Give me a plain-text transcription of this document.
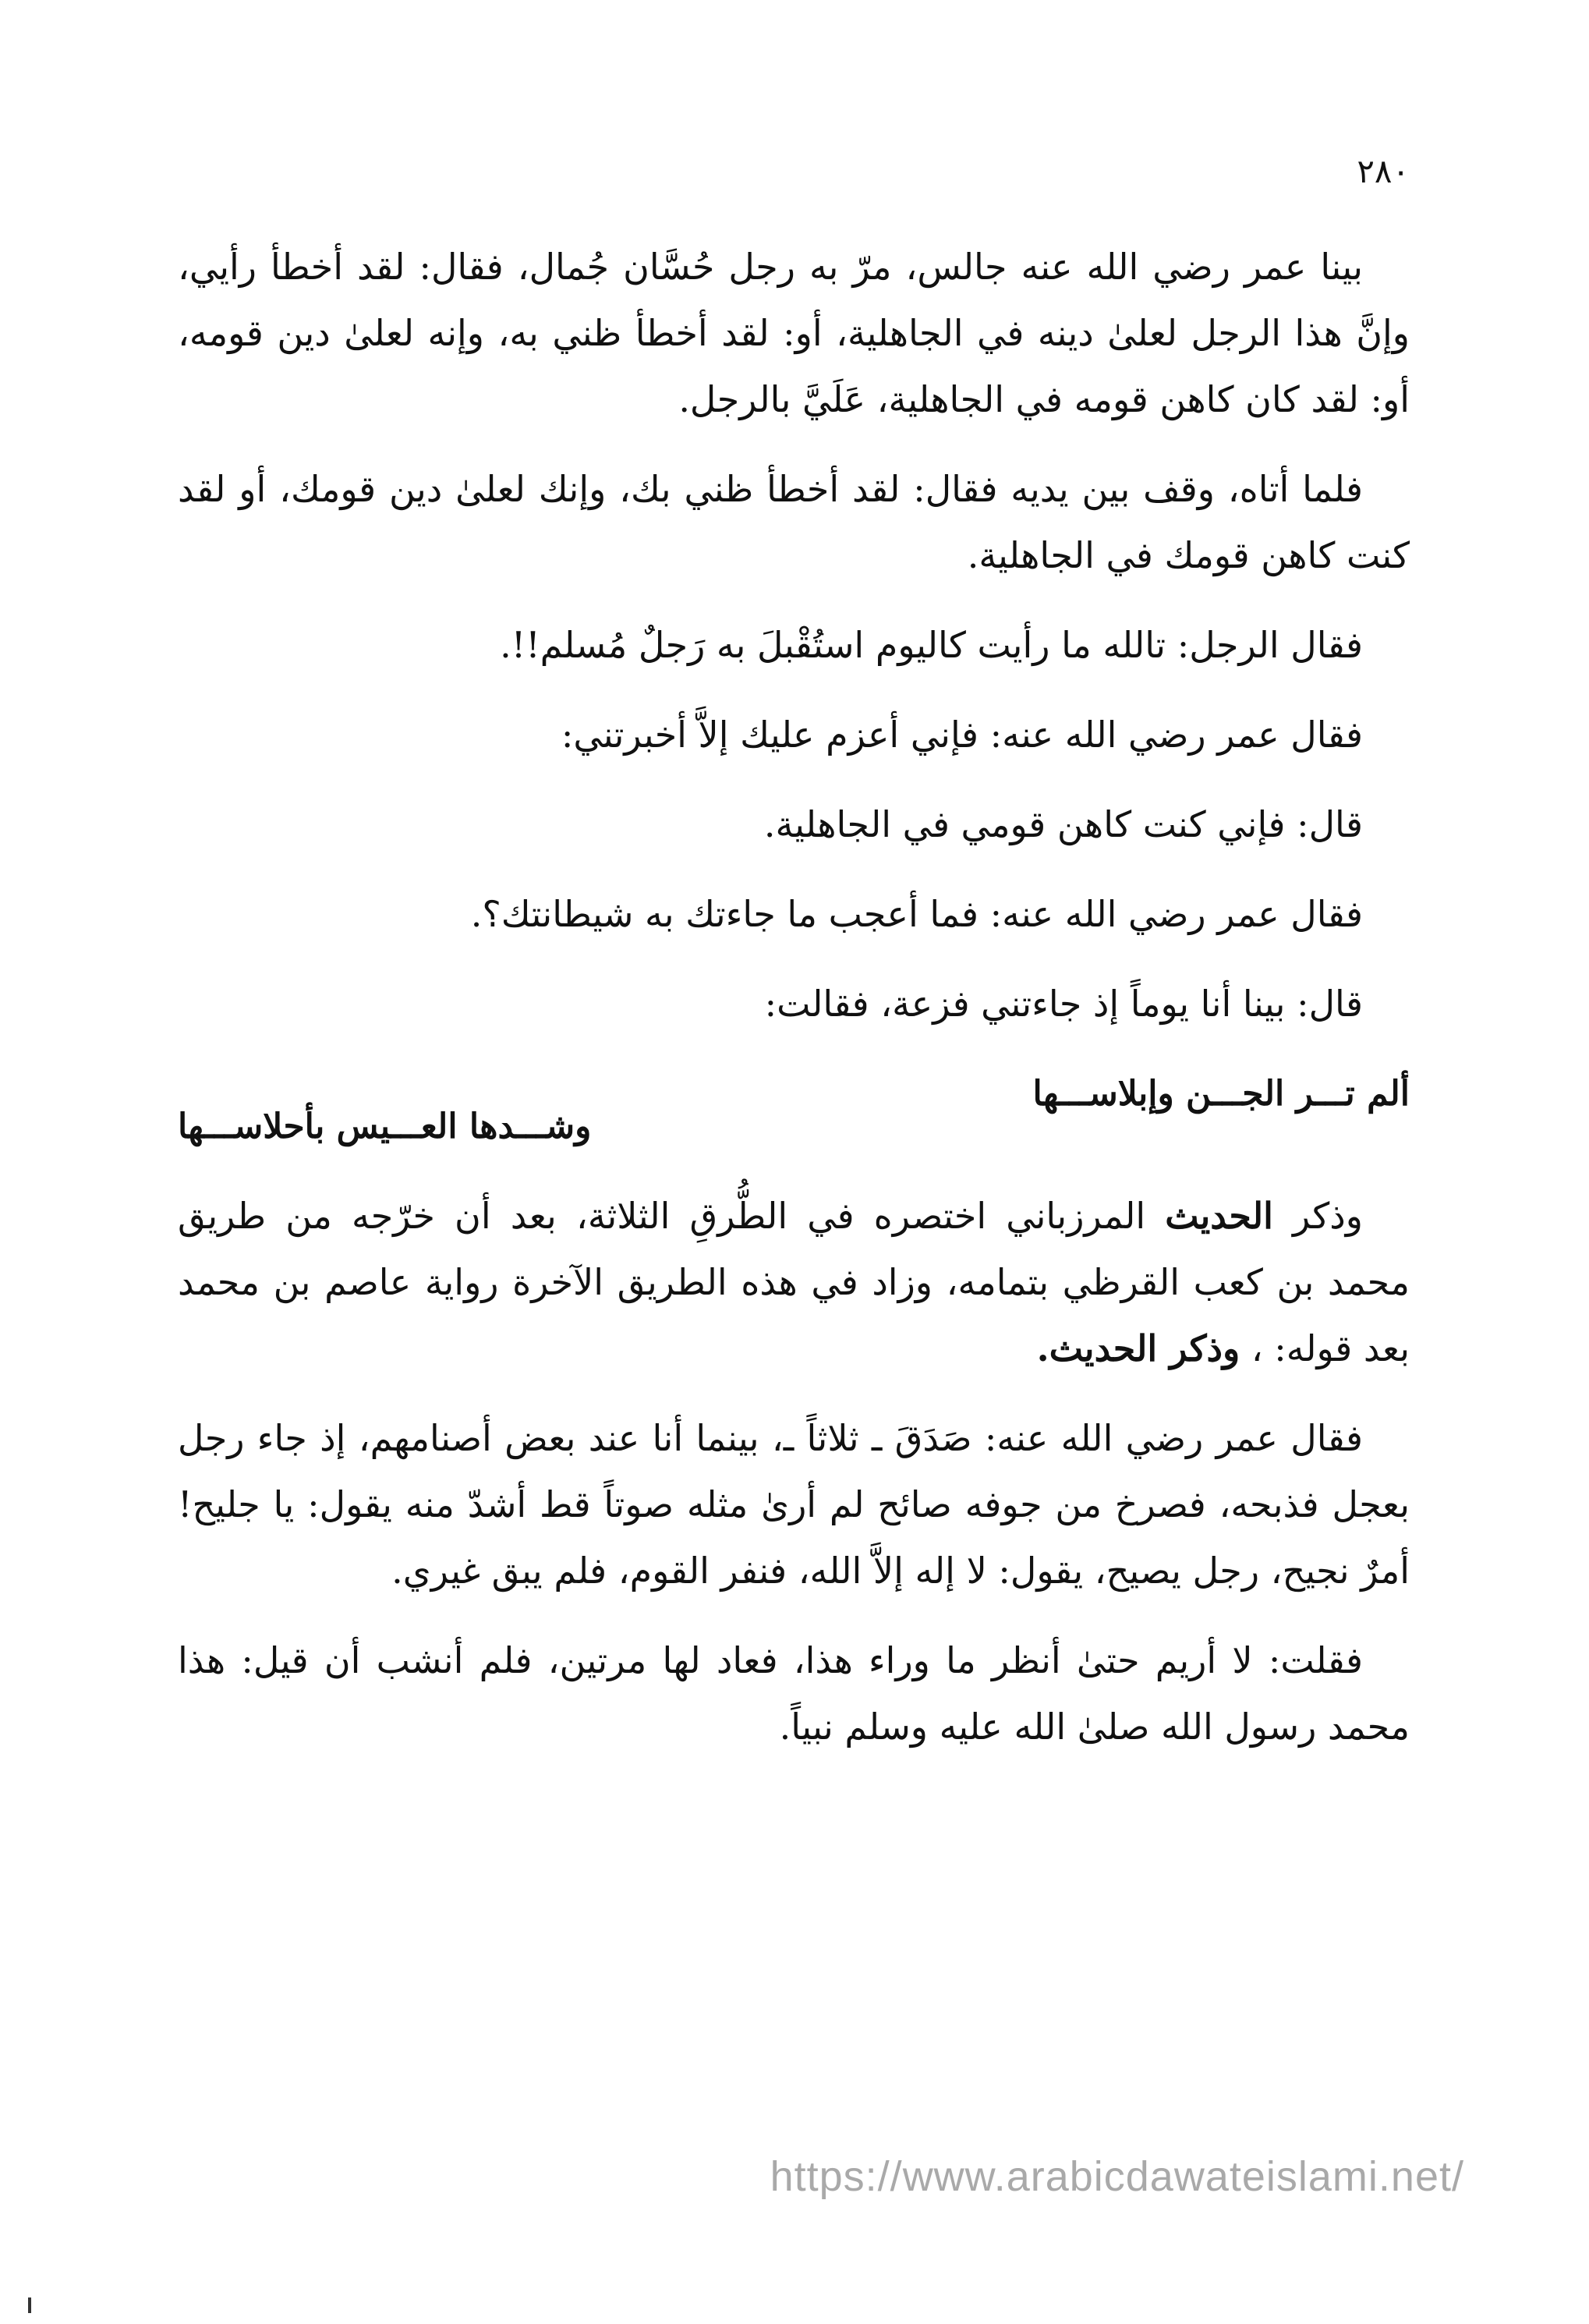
٢٨٠

بينا عمر رضي الله عنه جالس، مرّ به رجل حُسَّان جُمال، فقال: لقد أخطأ رأيي، وإنَّ هذا الرجل لعلىٰ دينه في الجاهلية، أو: لقد أخطأ ظني به، وإنه لعلىٰ دين قومه، أو: لقد كان كاهن قومه في الجاهلية، عَلَيَّ بالرجل.

فلما أتاه، وقف بين يديه فقال: لقد أخطأ ظني بك، وإنك لعلىٰ دين قومك، أو لقد كنت كاهن قومك في الجاهلية.

فقال الرجل: تالله ما رأيت كاليوم استُقْبلَ به رَجلٌ مُسلم!!.

فقال عمر رضي الله عنه: فإني أعزم عليك إلاَّ أخبرتني:

قال: فإني كنت كاهن قومي في الجاهلية.

فقال عمر رضي الله عنه: فما أعجب ما جاءتك به شيطانتك؟.

قال: بينا أنا يوماً إذ جاءتني فزعة، فقالت:

ألم تـــر الجـــن وإبلاســـها
وشـــدها العـــيس بأحلاســـها

وذكر الحديث المرزباني اختصره في الطُّرقِ الثلاثة، بعد أن خرّجه من طريق محمد بن كعب القرظي بتمامه، وزاد في هذه الطريق الآخرة رواية عاصم بن محمد بعد قوله: ، وذكر الحديث.

فقال عمر رضي الله عنه: صَدَقَ ـ ثلاثاً ـ، بينما أنا عند بعض أصنامهم، إذ جاء رجل بعجل فذبحه، فصرخ من جوفه صائح لم أرىٰ مثله صوتاً قط أشدّ منه يقول: يا جليح! أمرٌ نجيح، رجل يصيح، يقول: لا إله إلاَّ الله، فنفر القوم، فلم يبق غيري.

فقلت: لا أريم حتىٰ أنظر ما وراء هذا، فعاد لها مرتين، فلم أنشب أن قيل: هذا محمد رسول الله صلىٰ الله عليه وسلم نبياً.

https://www.arabicdawateislami.net/
